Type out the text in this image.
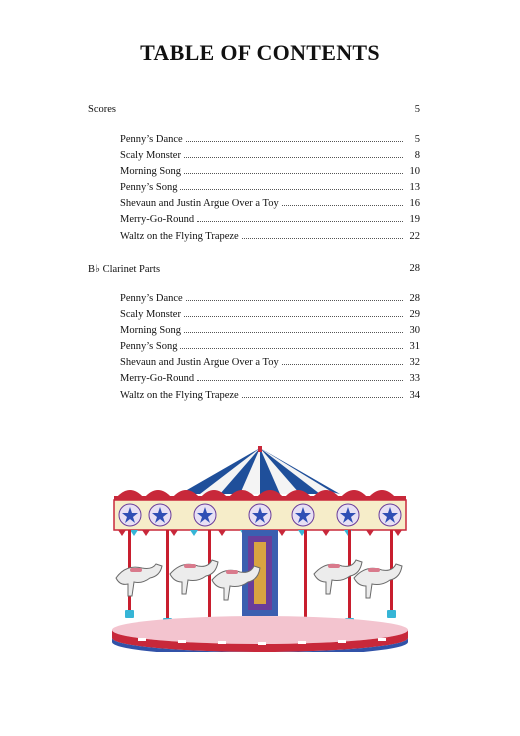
TABLE OF CONTENTS
Scores	5
Penny’s Dance	5
Scaly Monster	8
Morning Song	10
Penny’s Song	13
Shevaun and Justin Argue Over a Toy	16
Merry-Go-Round	19
Waltz on the Flying Trapeze	22
B♭ Clarinet Parts	28
Penny’s Dance	28
Scaly Monster	29
Morning Song	30
Penny’s Song	31
Shevaun and Justin Argue Over a Toy	32
Merry-Go-Round	33
Waltz on the Flying Trapeze	34
